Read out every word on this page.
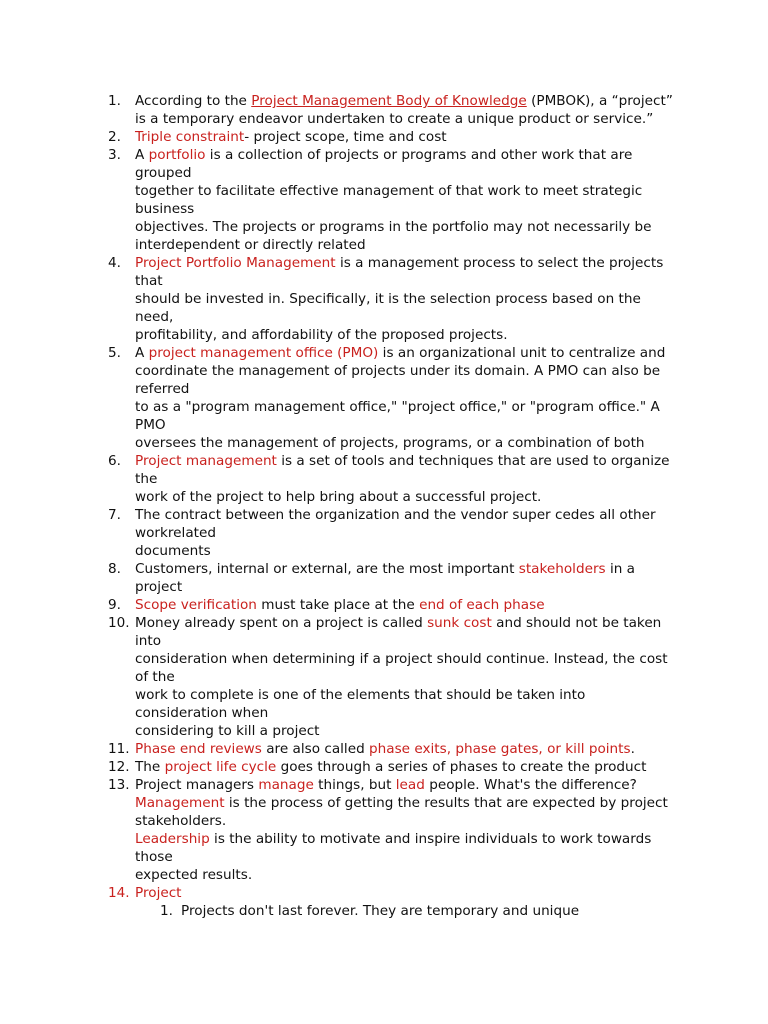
1. According to the Project Management Body of Knowledge (PMBOK), a “project”
is a temporary endeavor undertaken to create a unique product or service.”
2. Triple constraint- project scope, time and cost
3. A portfolio is a collection of projects or programs and other work that are
grouped
together to facilitate effective management of that work to meet strategic
business
objectives. The projects or programs in the portfolio may not necessarily be
interdependent or directly related
4. Project Portfolio Management is a management process to select the projects
that
should be invested in. Specifically, it is the selection process based on the
need,
profitability, and affordability of the proposed projects.
5. A project management office (PMO) is an organizational unit to centralize and
coordinate the management of projects under its domain. A PMO can also be
referred
to as a "program management office," "project office," or "program office." A
PMO
oversees the management of projects, programs, or a combination of both
6. Project management is a set of tools and techniques that are used to organize
the
work of the project to help bring about a successful project.
7. The contract between the organization and the vendor super cedes all other
workrelated
documents
8. Customers, internal or external, are the most important stakeholders in a
project
9. Scope verification must take place at the end of each phase
10. Money already spent on a project is called sunk cost and should not be taken
into
consideration when determining if a project should continue. Instead, the cost
of the
work to complete is one of the elements that should be taken into
consideration when
considering to kill a project
11. Phase end reviews are also called phase exits, phase gates, or kill points.
12. The project life cycle goes through a series of phases to create the product
13. Project managers manage things, but lead people. What's the difference?
Management is the process of getting the results that are expected by project
stakeholders.
Leadership is the ability to motivate and inspire individuals to work towards
those
expected results.
14. Project
1. Projects don't last forever. They are temporary and unique
